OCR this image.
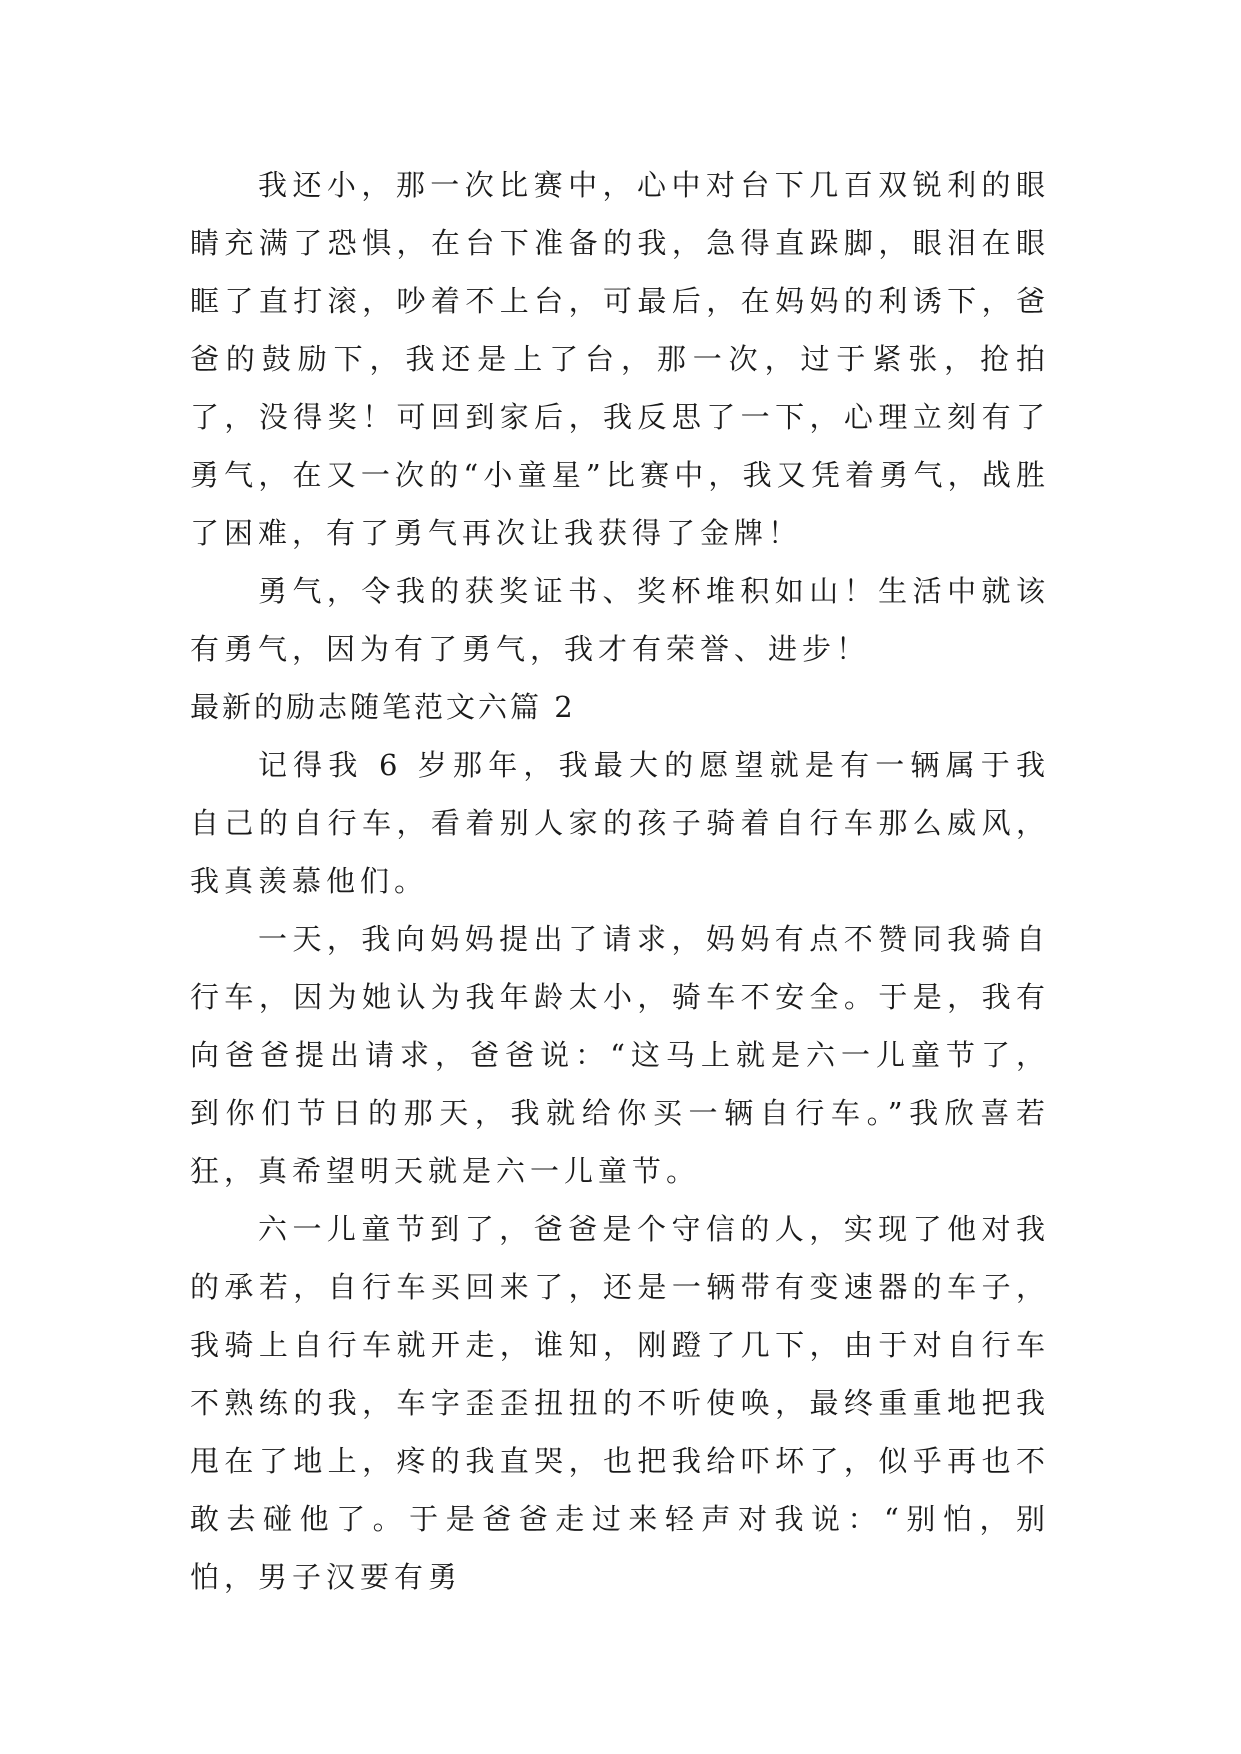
我还小，那一次比赛中，心中对台下几百双锐利的眼睛充满了恐惧，在台下准备的我，急得直跺脚，眼泪在眼眶了直打滚，吵着不上台，可最后，在妈妈的利诱下，爸爸的鼓励下，我还是上了台，那一次，过于紧张，抢拍了，没得奖！可回到家后，我反思了一下，心理立刻有了勇气，在又一次的“小童星”比赛中，我又凭着勇气，战胜了困难，有了勇气再次让我获得了金牌！

勇气，令我的获奖证书、奖杯堆积如山！生活中就该有勇气，因为有了勇气，我才有荣誉、进步！

最新的励志随笔范文六篇 2

记得我 6 岁那年，我最大的愿望就是有一辆属于我自己的自行车，看着别人家的孩子骑着自行车那么威风，我真羡慕他们。

一天，我向妈妈提出了请求，妈妈有点不赞同我骑自行车，因为她认为我年龄太小，骑车不安全。于是，我有向爸爸提出请求，爸爸说：“这马上就是六一儿童节了，到你们节日的那天，我就给你买一辆自行车。”我欣喜若狂，真希望明天就是六一儿童节。

六一儿童节到了，爸爸是个守信的人，实现了他对我的承若，自行车买回来了，还是一辆带有变速器的车子，我骑上自行车就开走，谁知，刚蹬了几下，由于对自行车不熟练的我，车字歪歪扭扭的不听使唤，最终重重地把我甩在了地上，疼的我直哭，也把我给吓坏了，似乎再也不敢去碰他了。于是爸爸走过来轻声对我说：“别怕，别怕，男子汉要有勇
